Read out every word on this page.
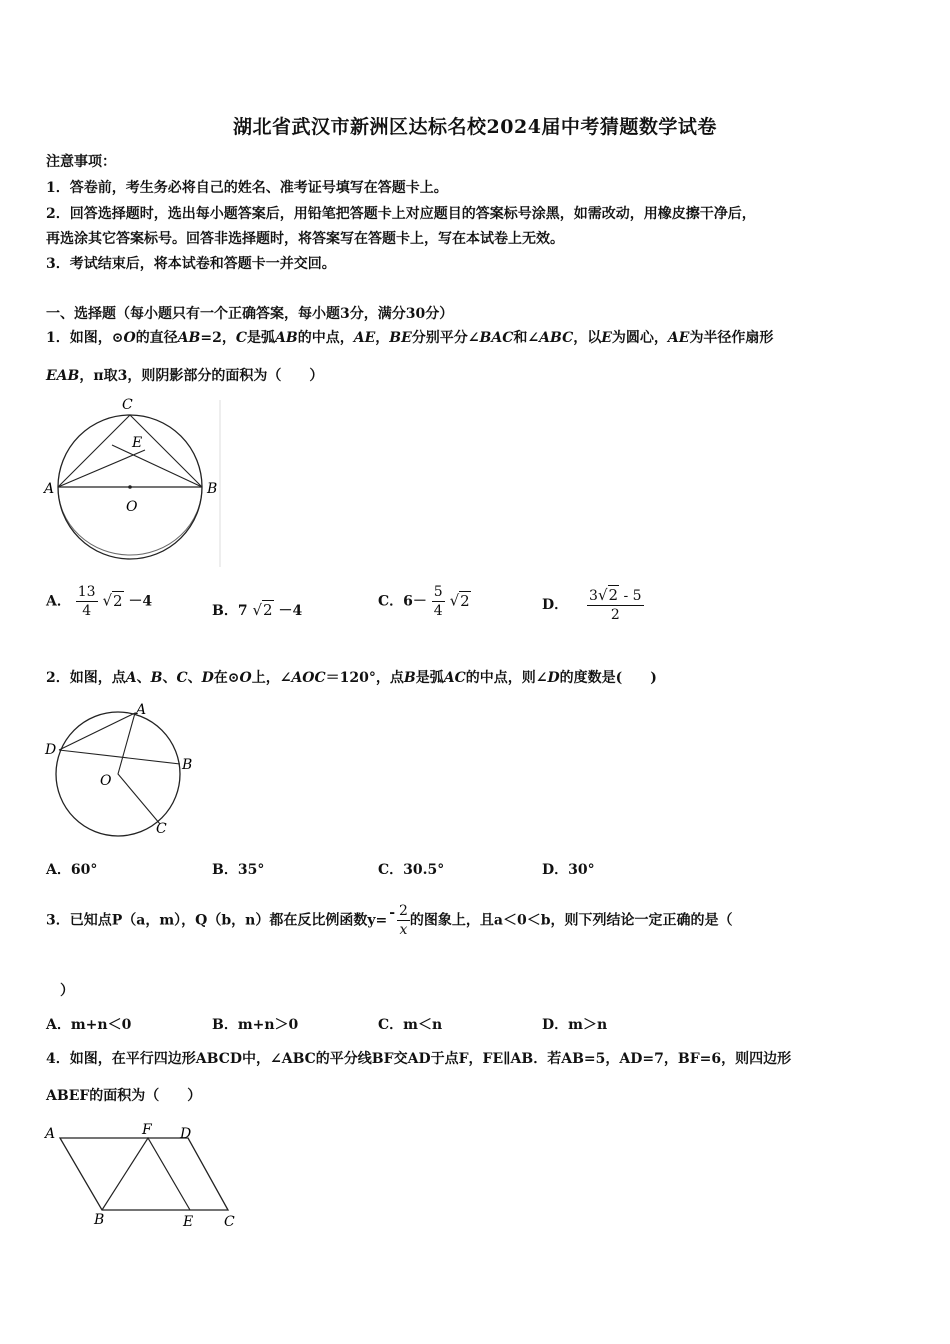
湖北省武汉市新洲区达标名校2024届中考猜题数学试卷
注意事项：
1．答卷前，考生务必将自己的姓名、准考证号填写在答题卡上。
2．回答选择题时，选出每小题答案后，用铅笔把答题卡上对应题目的答案标号涂黑，如需改动，用橡皮擦干净后，
再选涂其它答案标号。回答非选择题时，将答案写在答题卡上，写在本试卷上无效。
3．考试结束后，将本试卷和答题卡一并交回。
一、选择题（每小题只有一个正确答案，每小题3分，满分30分）
1．如图，⊙O的直径AB=2，C是弧AB的中点，AE，BE分别平分∠BAC和∠ABC，以E为圆心，AE为半径作扇形
EAB，π取3，则阴影部分的面积为（　　）
C
E
A
O
B
A． $\frac{13}{4} √2 -4$
B．7 √2 －4
C．$6- \frac{5}{4} √2$	D． $\frac{3√2 - 5}{2}$
2．如图，点A、B、C、D在⊙O上，∠AOC＝120°，点B是弧AC的中点，则∠D的度数是(　　)
A
D
B
O
C
A．60°	B．35°	C．30.5°	D．30°
3．已知点P（a，m），Q（b，n）都在反比例函数$y= - \frac{2}{x}$ 的图象上，且a＜0＜b，则下列结论一定正确的是（
）
A．m+n＜0	B．m+n＞0	C．m＜n	D．m＞n
4．如图，在平行四边形ABCD中，∠ABC的平分线BF交AD于点F，FE∥AB．若AB=5，AD=7，BF=6，则四边形
ABEF的面积为（　　）
A	F D
B	E C
